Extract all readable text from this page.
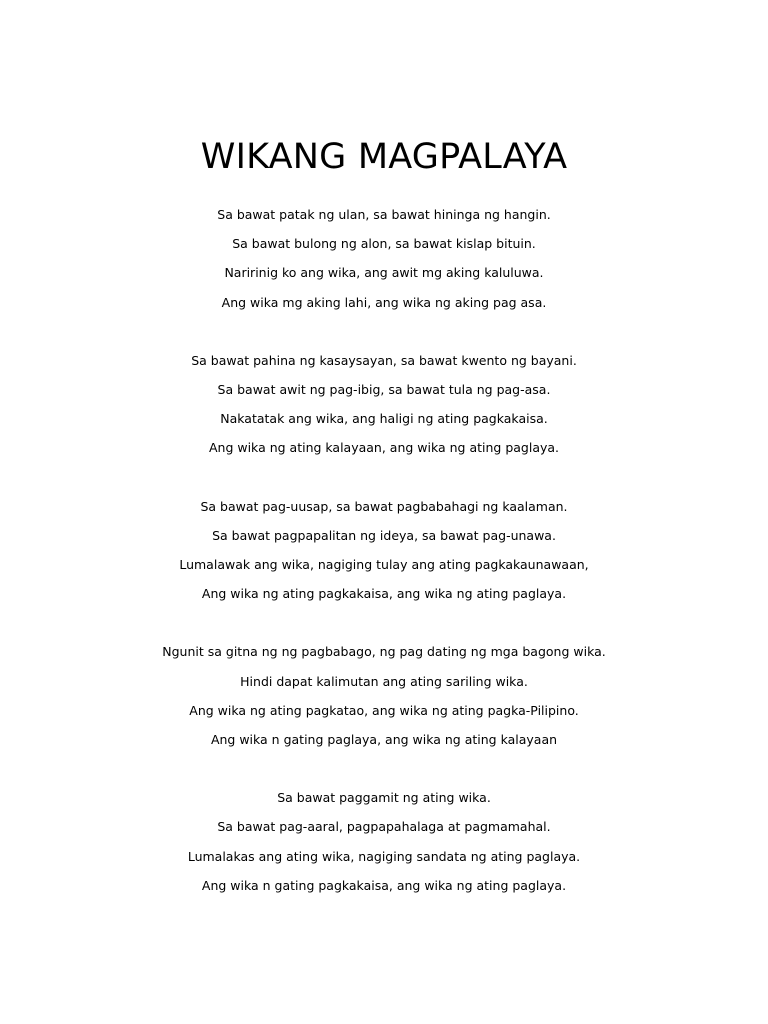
WIKANG MAGPALAYA
Sa bawat patak ng ulan, sa bawat hininga ng hangin.
Sa bawat bulong ng alon, sa bawat kislap bituin.
Naririnig ko ang wika, ang awit mg aking kaluluwa.
Ang wika mg aking lahi, ang wika ng aking pag asa.
Sa bawat pahina ng kasaysayan, sa bawat kwento ng bayani.
Sa bawat awit ng pag-ibig, sa bawat tula ng pag-asa.
Nakatatak ang wika, ang haligi ng ating pagkakaisa.
Ang wika ng ating kalayaan, ang wika ng ating paglaya.
Sa bawat pag-uusap, sa bawat pagbabahagi ng kaalaman.
Sa bawat pagpapalitan ng ideya, sa bawat pag-unawa.
Lumalawak ang wika, nagiging tulay ang ating pagkakaunawaan,
Ang wika ng ating pagkakaisa, ang wika ng ating paglaya.
Ngunit sa gitna ng ng pagbabago, ng pag dating ng mga bagong wika.
Hindi dapat kalimutan ang ating sariling wika.
Ang wika ng ating pagkatao, ang wika ng ating pagka-Pilipino.
Ang wika n gating paglaya, ang wika ng ating kalayaan
Sa bawat paggamit ng ating wika.
Sa bawat pag-aaral, pagpapahalaga at pagmamahal.
Lumalakas ang ating wika, nagiging sandata ng ating paglaya.
Ang wika n gating pagkakaisa, ang wika ng ating paglaya.
